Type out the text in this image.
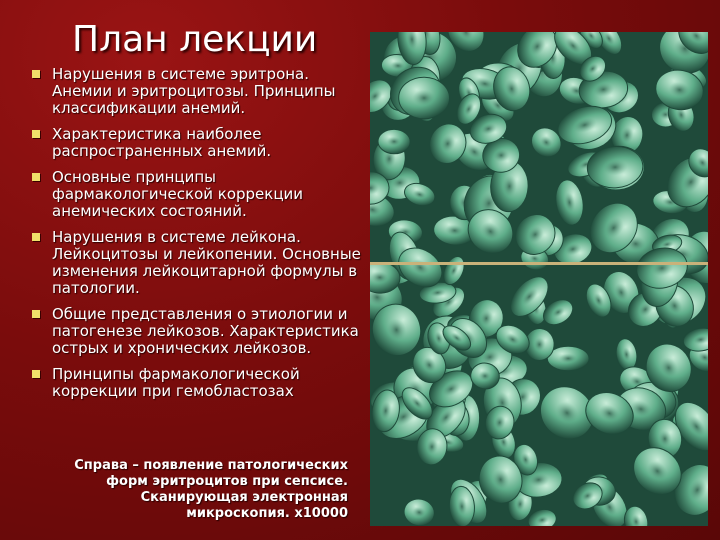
План лекции
Нарушения в системе эритрона. Анемии и эритроцитозы. Принципы классификации анемий.
Характеристика наиболее распространенных анемий.
Основные принципы фармакологической коррекции анемических состояний.
Нарушения в системе лейкона. Лейкоцитозы и лейкопении. Основные изменения лейкоцитарной формулы в патологии.
Общие представления о этиологии и патогенезе лейкозов. Характеристика острых и хронических лейкозов.
Принципы фармакологической коррекции при гемобластозах
Справа – появление патологических
форм эритроцитов при сепсисе.
Сканирующая электронная
микроскопия. х10000
